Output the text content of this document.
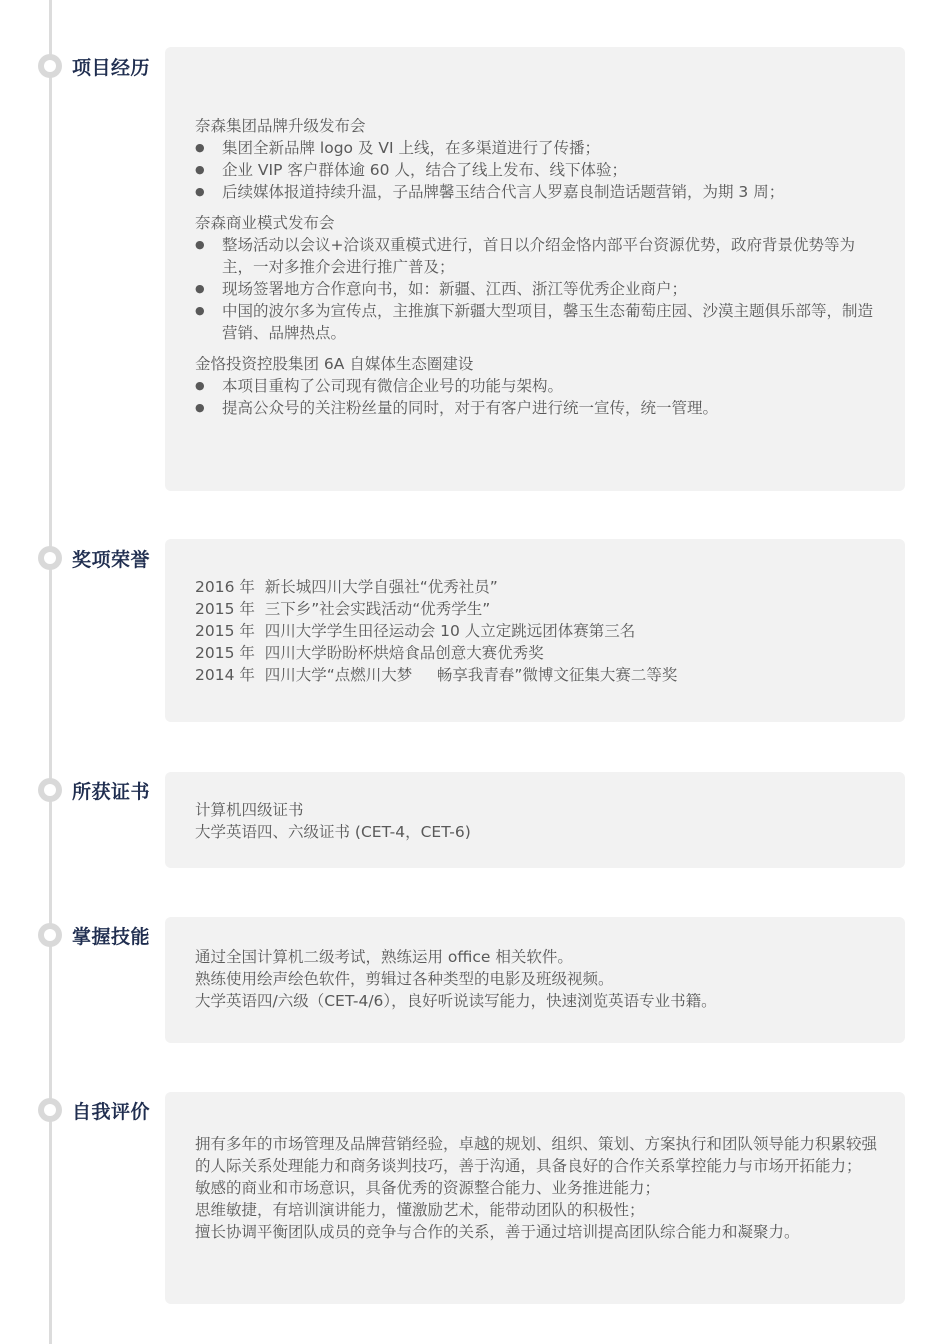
项目经历
奈森集团品牌升级发布会
● 集团全新品牌 logo 及 VI 上线，在多渠道进行了传播；
● 企业 VIP 客户群体逾 60 人，结合了线上发布、线下体验；
● 后续媒体报道持续升温，子品牌馨玉结合代言人罗嘉良制造话题营销，为期 3 周；
奈森商业模式发布会
● 整场活动以会议+洽谈双重模式进行，首日以介绍金恪内部平台资源优势，政府背景优势等为主，一对多推介会进行推广普及；
● 现场签署地方合作意向书，如：新疆、江西、浙江等优秀企业商户；
● 中国的波尔多为宣传点，主推旗下新疆大型项目，馨玉生态葡萄庄园、沙漠主题俱乐部等，制造营销、品牌热点。
金恪投资控股集团 6A 自媒体生态圈建设
● 本项目重构了公司现有微信企业号的功能与架构。
● 提高公众号的关注粉丝量的同时，对于有客户进行统一宣传，统一管理。
奖项荣誉
2016 年  新长城四川大学自强社“优秀社员”
2015 年  三下乡”社会实践活动“优秀学生”
2015 年  四川大学学生田径运动会 10 人立定跳远团体赛第三名
2015 年  四川大学盼盼杯烘焙食品创意大赛优秀奖
2014 年  四川大学“点燃川大梦     畅享我青春”微博文征集大赛二等奖
所获证书
计算机四级证书
大学英语四、六级证书 (CET-4，CET-6)
掌握技能
通过全国计算机二级考试，熟练运用 office 相关软件。
熟练使用绘声绘色软件，剪辑过各种类型的电影及班级视频。
大学英语四/六级（CET-4/6），良好听说读写能力，快速浏览英语专业书籍。
自我评价
拥有多年的市场管理及品牌营销经验，卓越的规划、组织、策划、方案执行和团队领导能力积累较强的人际关系处理能力和商务谈判技巧，善于沟通，具备良好的合作关系掌控能力与市场开拓能力；
敏感的商业和市场意识，具备优秀的资源整合能力、业务推进能力；
思维敏捷，有培训演讲能力，懂激励艺术，能带动团队的积极性；
擅长协调平衡团队成员的竞争与合作的关系，善于通过培训提高团队综合能力和凝聚力。
